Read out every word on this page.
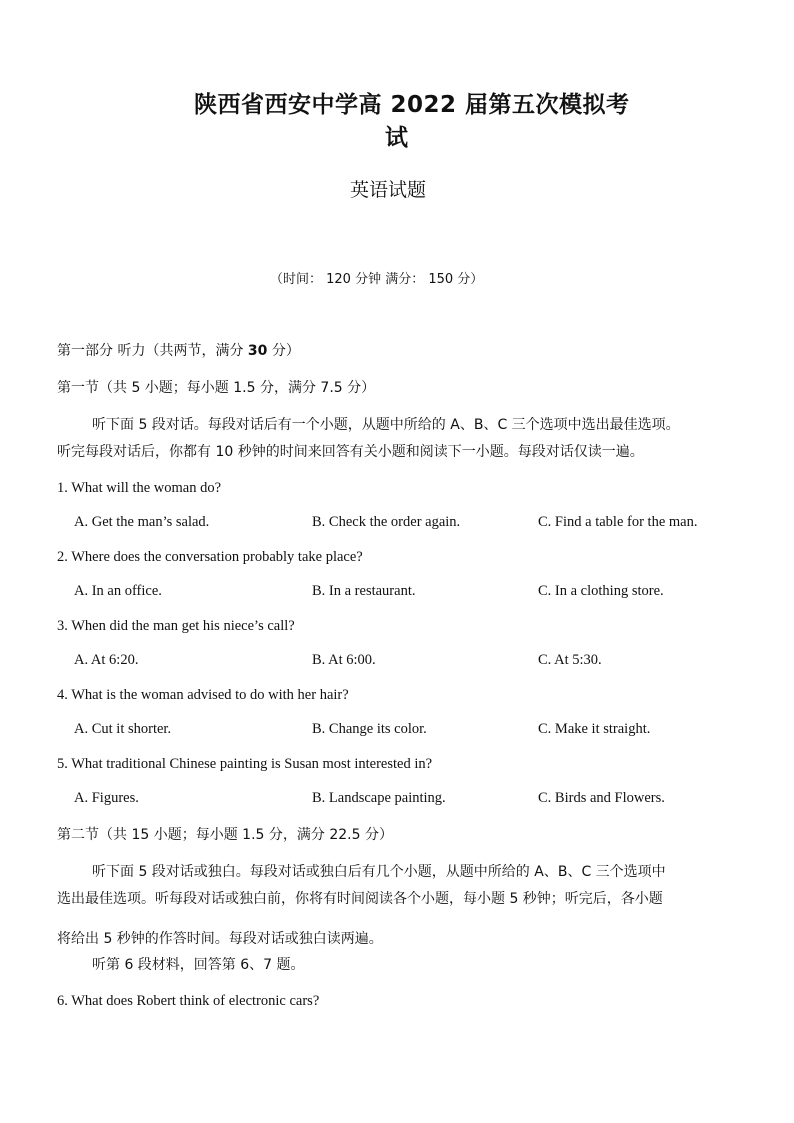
陕西省西安中学高 2022 届第五次模拟考
试
英语试题
（时间： 120 分钟 满分： 150 分）
第一部分 听力（共两节，满分 30 分）
第一节（共 5 小题；每小题 1.5 分，满分 7.5 分）
听下面 5 段对话。每段对话后有一个小题，从题中所给的 A、B、C 三个选项中选出最佳选项。
听完每段对话后，你都有 10 秒钟的时间来回答有关小题和阅读下一小题。每段对话仅读一遍。
1. What will the woman do?
A. Get the man’s salad.	B. Check the order again.	C. Find a table for the man.
2. Where does the conversation probably take place?
A. In an office.	B. In a restaurant.	C. In a clothing store.
3. When did the man get his niece’s call?
A. At 6:20.	B. At 6:00.	C. At 5:30.
4. What is the woman advised to do with her hair?
A. Cut it shorter.	B. Change its color.	C. Make it straight.
5. What traditional Chinese painting is Susan most interested in?
A. Figures.	B. Landscape painting.	C. Birds and Flowers.
第二节（共 15 小题；每小题 1.5 分，满分 22.5 分）
听下面 5 段对话或独白。每段对话或独白后有几个小题，从题中所给的 A、B、C 三个选项中
选出最佳选项。听每段对话或独白前，你将有时间阅读各个小题，每小题 5 秒钟；听完后，各小题
将给出 5 秒钟的作答时间。每段对话或独白读两遍。
听第 6 段材料，回答第 6、7 题。
6. What does Robert think of electronic cars?
